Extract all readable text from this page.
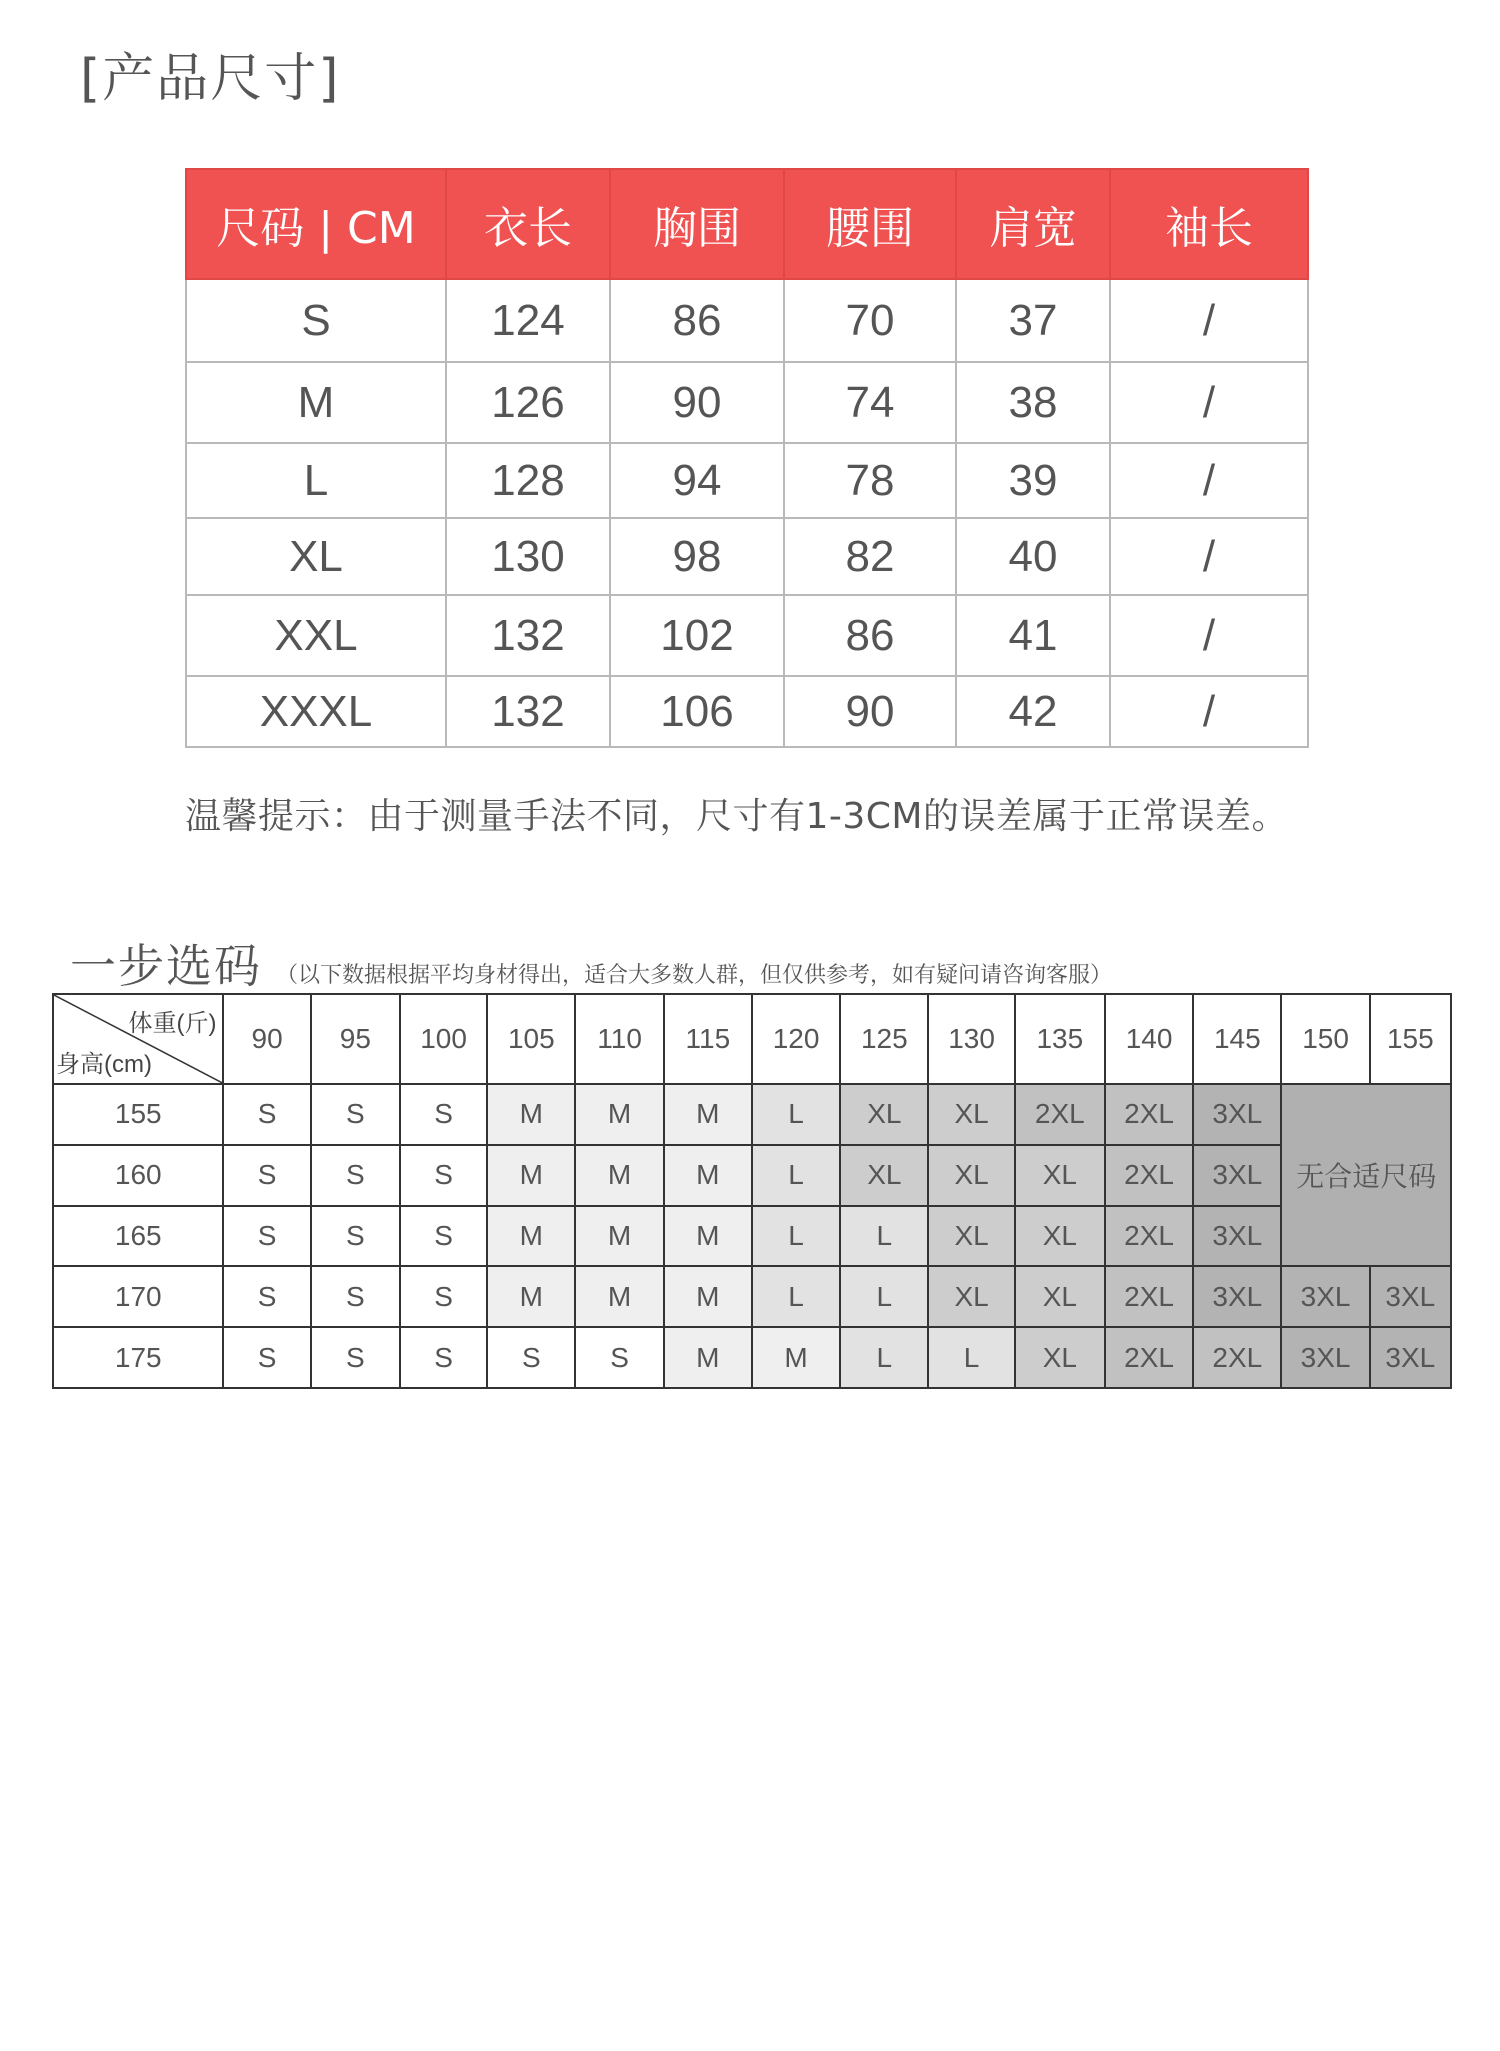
[产品尺寸]
尺码 | CM	衣长	胸围	腰围	肩宽	袖长
S	124	86	70	37	/
M	126	90	74	38	/
L	128	94	78	39	/
XL	130	98	82	40	/
XXL	132	102	86	41	/
XXXL	132	106	90	42	/

温馨提示：由于测量手法不同，尺寸有1-3CM的误差属于正常误差。

一步选码 （以下数据根据平均身材得出，适合大多数人群，但仅供参考，如有疑问请咨询客服）
体重(斤)
身高(cm)	90	95	100	105	110	115	120	125	130	135	140	145	150	155
155	S	S	S	M	M	M	L	XL	XL	2XL	2XL	3XL	无合适尺码	
160	S	S	S	M	M	M	L	XL	XL	XL	2XL	3XL		
165	S	S	S	M	M	M	L	L	XL	XL	2XL	3XL		
170	S	S	S	M	M	M	L	L	XL	XL	2XL	3XL	3XL	3XL
175	S	S	S	S	S	M	M	L	L	XL	2XL	2XL	3XL	3XL
